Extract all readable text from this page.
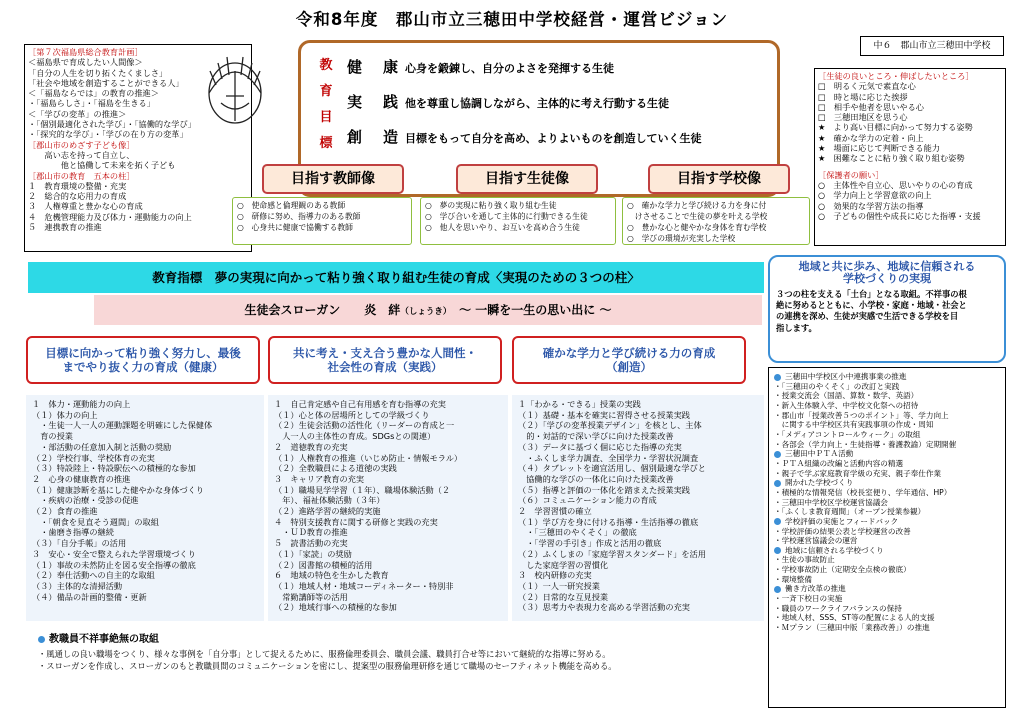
令和8年度　郡山市立三穂田中学校経営・運営ビジョン
中６　郡山市立三穂田中学校
［第７次福島県総合教育計画］
＜福島県で育成したい人間像＞
「自分の人生を切り拓くたくましさ」
「社会や地域を創造することができる人」
＜「福島ならでは」の教育の推進＞
・「福島らしさ」・「福島を生きる」
＜「学びの変革」の推進＞
・「個別最適化された学び」・「協働的な学び」
・「探究的な学び」・「学びの在り方の変革」
［郡山市のめざす子ども像］
　　高い志を持って自立し、
　　　　他と協働して未来を拓く子ども
［郡山市の教育　五本の柱］
１　教育環境の整備・充実
２　総合的な応用力の育成
３　人権尊重と豊かな心の育成
４　危機管理能力及び体力・運動能力の向上
５　連携教育の推進
教
育
目
標
健　康 心身を鍛錬し、自分のよさを発揮する生徒
実　践 他を尊重し協調しながら、主体的に考え行動する生徒
創　造 目標をもって自分を高め、よりよいものを創造していく生徒
［生徒の良いところ・伸ばしたいところ］
□　明るく元気で素直な心
□　時と場に応じた挨拶
□　相手や他者を思いやる心
□　三穂田地区を思う心
★　より高い目標に向かって努力する姿勢
★　確かな学力の定着・向上
★　場面に応じて判断できる能力
★　困難なことに粘り強く取り組む姿勢
［保護者の願い］
○　主体性や自立心、思いやりの心の育成
○　学力向上と学習意欲の向上
○　効果的な学習方法の指導
○　子どもの個性や成長に応じた指導・支援
目指す教師像	目指す生徒像	目指す学校像
○　使命感と倫理観のある教師
○　研修に努め、指導力のある教師
○　心身共に健康で協働する教師
○　夢の実現に粘り強く取り組む生徒
○　学び合いを通して主体的に行動できる生徒
○　他人を思いやり、お互いを高め合う生徒
○　確かな学力と学び続ける力を身に付
　けさせることで生徒の夢を叶える学校
○　豊かな心と健やかな身体を育む学校
○　学びの環境が充実した学校
教育指標　夢の実現に向かって粘り強く取り組む生徒の育成〈実現のための３つの柱〉
生徒会スローガン　　炎　絆（しょうき）　 〜 一瞬を一生の思い出に 〜
目標に向かって粘り強く努力し、最後
までやり抜く力の育成（健康）
共に考え・支え合う豊かな人間性・
社会性の育成（実践）
確かな学力と学び続ける力の育成
（創造）
１　体力・運動能力の向上
（１）体力の向上
　・生徒一人一人の運動課題を明確にした保健体
　育の授業
　・部活動の任意加入制と活動の奨励
（２）学校行事、学校体育の充実
（３）特設陸上・特設駅伝への積極的な参加
２　心身の健康教育の推進
（１）健康診断を基にした健やかな身体づくり
　・疾病の治療・受診の促進
（２）食育の推進
　・「朝食を見直そう週間」の取組
　・歯磨き指導の継続
（３）「自分手帳」の活用
３　安心・安全で整えられた学習環境づくり
（１）事故の未然防止を図る安全指導の徹底
（２）奉仕活動への自主的な取組
（３）主体的な清掃活動
（４）備品の計画的整備・更新
１　自己肯定感や自己有用感を育む指導の充実
（１）心と体の居場所としての学級づくり
（２）生徒会活動の活性化（リーダーの育成と一
　人一人の主体性の育成。SDGsとの関連）
２　道徳教育の充実
（１）人権教育の推進（いじめ防止・情報モラル）
（２）全教職員による道徳の実践
３　キャリア教育の充実
（１）職場見学学習（１年）、職場体験活動（２
　年）、福祉体験活動（３年）
（２）進路学習の継続的実施
４　特別支援教育に関する研修と実践の充実
　・ＵＤ教育の推進
５　読書活動の充実
（１）「家読」の奨励
（２）図書館の積極的活用
６　地域の特色を生かした教育
（１）地域人材・地域コーディネーター・特別非
　常勤講師等の活用
（２）地域行事への積極的な参加
１「わかる・できる」授業の実践
（１）基礎・基本を確実に習得させる授業実践
（２）「学びの変革授業デザイン」を核とし、主体
　的・対話的で深い学びに向けた授業改善
（３）データに基づく個に応じた指導の充実
　・ふくしま学力調査、全国学力・学習状況調査
（４）タブレットを適宜活用し、個別最適な学びと
　協働的な学びの一体化に向けた授業改善
（５）指導と評価の一体化を踏まえた授業実践
（６）コミュニケーション能力の育成
２　学習習慣の確立
（１）学び方を身に付ける指導・生活指導の徹底
　・「三穂田のやくそく」の徹底
　・「学習の手引き」作成と活用の徹底
（２）ふくしまの「家庭学習スタンダード」を活用
　した家庭学習の習慣化
３　校内研修の充実
（１）一人一研究授業
（２）日常的な互見授業
（３）思考力や表現力を高める学習活動の充実
地域と共に歩み、地域に信頼される
学校づくりの実現
３つの柱を支える「土台」となる取組。不祥事の根
絶に努めるとともに、小学校・家庭・地域・社会と
の連携を深め、生徒が実感で生活できる学校を目
指します。
三穂田中学校区小中連携事業の推進
・「三穂田のやくそく」の改訂と実践
・授業交流会（国語、算数・数学、英語）
・新入生体験入学、中学校文化祭への招待
・郡山市「授業改善５つのポイント」等、学力向上
　に関する中学校区共有実践事項の作成・周知
・「メディアコントロールウィーク」の取組
・各部会（学力向上・生徒指導・養護教諭）定期開催
三穂田中ＰＴＡ活動
・ＰＴＡ組織の改編と活動内容の精選
・親子で学ぶ家庭教育学級の充実、親子奉仕作業
開かれた学校づくり
・積極的な情報発信（校長室便り、学年通信、HP）
・三穂田中学校区学校運営協議会
・「ふくしま教育週間」（オープン授業参観）
学校評価の実施とフィードバック
・学校評価の結果公表と学校運営の改善
・学校運営協議会の運営
地域に信頼される学校づくり
・生徒の事故防止
・学校事故防止（定期安全点検の徹底）
・環境整備
働き方改革の推進
・一斉下校日の実施
・職員のワークライフバランスの保持
・地域人材、SSS、ST等の配置による人的支援
・Ｍプラン（三穂田中版「業務改善」）の推進
教職員不祥事絶無の取組
・風通しの良い職場をつくり、様々な事例を「自分事」として捉えるために、服務倫理委員会、職員会議、職員打合せ等において継続的な指導に努める。
・スローガンを作成し、スローガンのもと教職員間のコミュニケーションを密にし、提案型の服務倫理研修を通じて職場のセーフティネット機能を高める。
